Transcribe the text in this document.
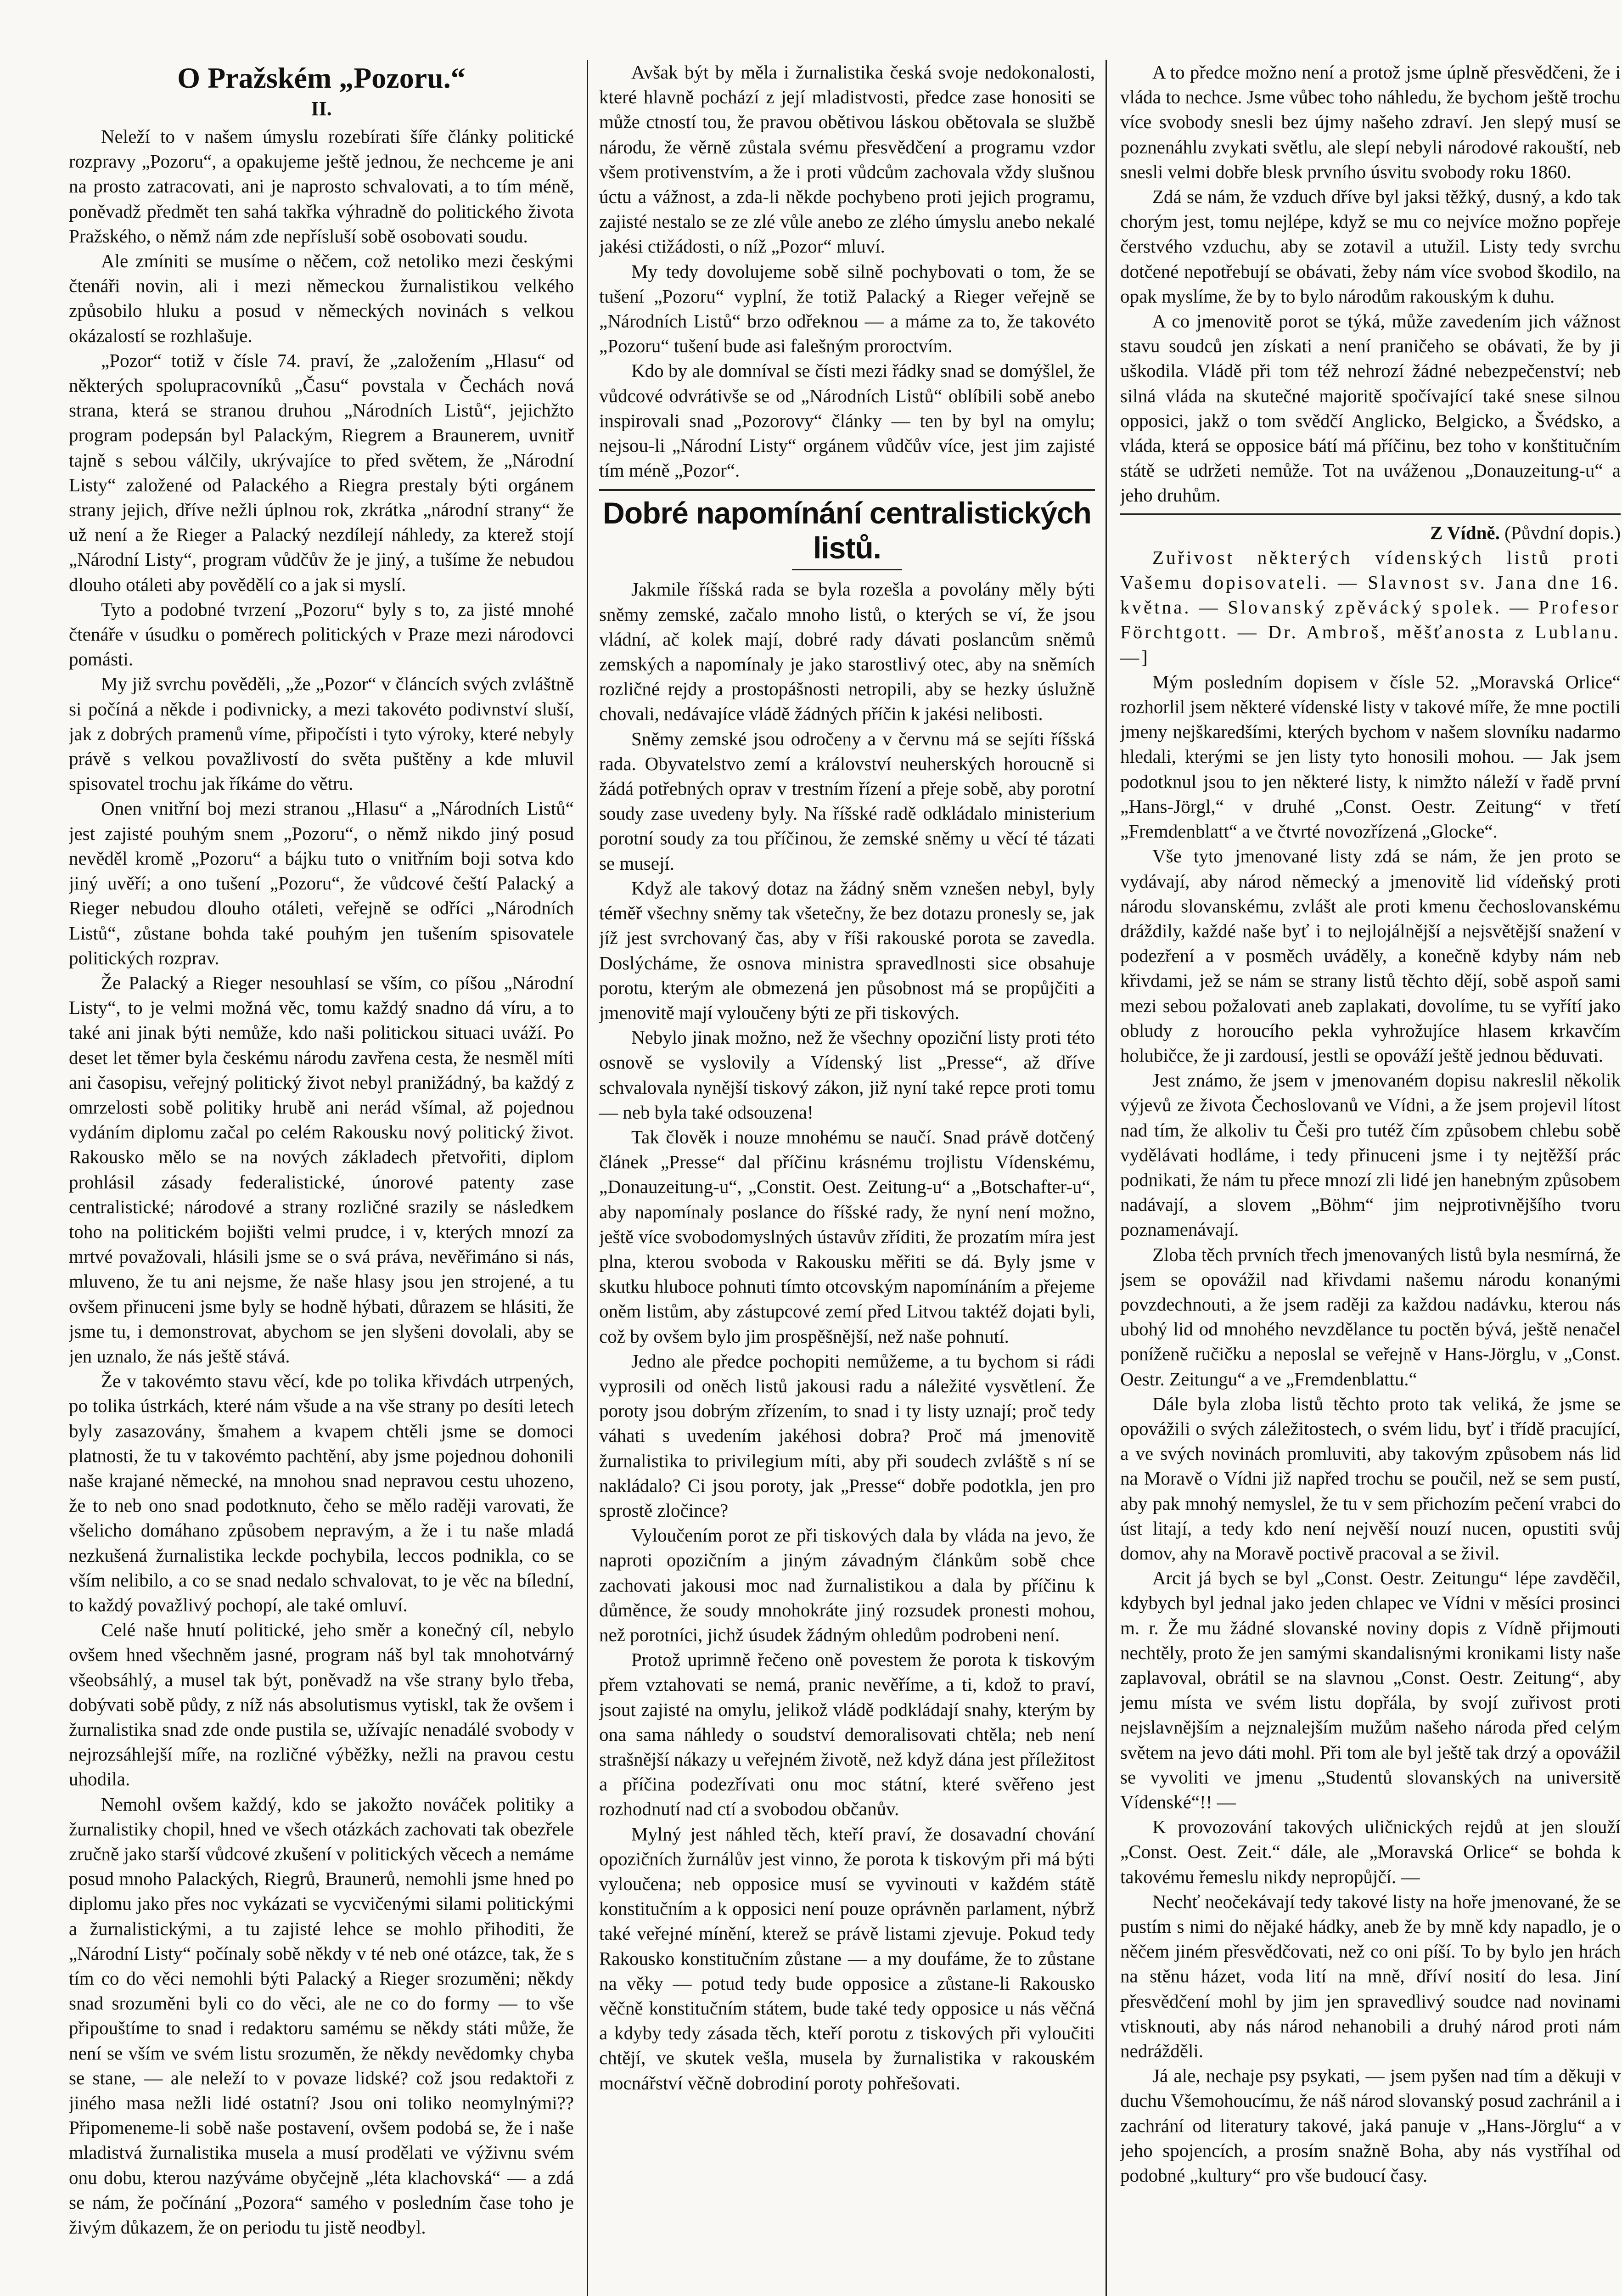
O Pražském „Pozoru.“

II.

Neleží to v našem úmyslu rozebírati šíře články politické rozpravy „Pozoru“, a opakujeme ještě jednou, že nechceme je ani na prosto zatracovati, ani je naprosto schvalovati, a to tím méně, poněvadž předmět ten sahá takřka výhradně do politického života Pražského, o němž nám zde nepřísluší sobě osobovati soudu.

Ale zmíniti se musíme o něčem, což netoliko mezi českými čtenáři novin, ali i mezi německou žurnalistikou velkého způsobilo hluku a posud v německých novinách s velkou okázalostí se rozhlašuje.

„Pozor“ totiž v čísle 74. praví, že „založením „Hlasu“ od některých spolupracovníků „Času“ povstala v Čechách nová strana, která se stranou druhou „Národních Listů“, jejichžto program podepsán byl Palackým, Riegrem a Braunerem, uvnitř tajně s sebou válčily, ukrývajíce to před světem, že „Národní Listy“ založené od Palackého a Riegra prestaly býti orgánem strany jejich, dříve nežli úplnou rok, zkrátka „národní strany“ že už není a že Rieger a Palacký nezdílejí náhledy, za kterež stojí „Národní Listy“, program vůdčův že je jiný, a tušíme že nebudou dlouho otáleti aby povědělí co a jak si myslí.

Tyto a podobné tvrzení „Pozoru“ byly s to, za jisté mnohé čtenáře v úsudku o poměrech politických v Praze mezi národovci pomásti.

My již svrchu pověděli, „že „Pozor“ v článcích svých zvláštně si počíná a někde i podivnicky, a mezi takovéto podivnství sluší, jak z dobrých pramenů víme, připočísti i tyto výroky, které nebyly právě s velkou považlivostí do světa puštěny a kde mluvil spisovatel trochu jak říkáme do větru.

Onen vnitřní boj mezi stranou „Hlasu“ a „Národních Listů“ jest zajisté pouhým snem „Pozoru“, o němž nikdo jiný posud nevěděl kromě „Pozoru“ a bájku tuto o vnitřním boji sotva kdo jiný uvěří; a ono tušení „Pozoru“, že vůdcové čeští Palacký a Rieger nebudou dlouho otáleti, veřejně se odříci „Národních Listů“, zůstane bohda také pouhým jen tušením spisovatele politických rozprav.

Že Palacký a Rieger nesouhlasí se vším, co píšou „Národní Listy“, to je velmi možná věc, tomu každý snadno dá víru, a to také ani jinak býti nemůže, kdo naši politickou situaci uváží. Po deset let těmer byla českému národu zavřena cesta, že nesměl míti ani časopisu, veřejný politický život nebyl pranižádný, ba každý z omrzelosti sobě politiky hrubě ani nerád všímal, až pojednou vydáním diplomu začal po celém Rakousku nový politický život. Rakousko mělo se na nových základech přetvořiti, diplom prohlásil zásady federalistické, únorové patenty zase centralistické; národové a strany rozličné srazily se následkem toho na politickém bojišti velmi prudce, i v, kterých mnozí za mrtvé považovali, hlásili jsme se o svá práva, nevěřimáno si nás, mluveno, že tu ani nejsme, že naše hlasy jsou jen strojené, a tu ovšem přinuceni jsme byly se hodně hýbati, důrazem se hlásiti, že jsme tu, i demonstrovat, abychom se jen slyšeni dovolali, aby se jen uznalo, že nás ještě stává.

Že v takovémto stavu věcí, kde po tolika křivdách utrpených, po tolika ústrkách, které nám všude a na vše strany po desíti letech byly zasazovány, šmahem a kvapem chtěli jsme se domoci platnosti, že tu v takovémto pachtění, aby jsme pojednou dohonili naše krajané německé, na mnohou snad nepravou cestu uhozeno, že to neb ono snad podotknuto, čeho se mělo raději varovati, že všelicho domáhano způsobem nepravým, a že i tu naše mladá nezkušená žurnalistika leckde pochybila, leccos podnikla, co se vším nelibilo, a co se snad nedalo schvalovat, to je věc na bílední, to každý považlivý pochopí, ale také omluví.

Celé naše hnutí politické, jeho směr a konečný cíl, nebylo ovšem hned všechněm jasné, program náš byl tak mnohotvárný všeobsáhlý, a musel tak být, poněvadž na vše strany bylo třeba, dobývati sobě půdy, z níž nás absolutismus vytiskl, tak že ovšem i žurnalistika snad zde onde pustila se, užívajíc nenadálé svobody v nejrozsáhlejší míře, na rozličné výběžky, nežli na pravou cestu uhodila.

Nemohl ovšem každý, kdo se jakožto nováček politiky a žurnalistiky chopil, hned ve všech otázkách zachovati tak obezřele zručně jako starší vůdcové zkušení v politických věcech a nemáme posud mnoho Palackých, Riegrů, Braunerů, nemohli jsme hned po diplomu jako přes noc vykázati se vycvičenými silami politickými a žurnalistickými, a tu zajisté lehce se mohlo přihoditi, že „Národní Listy“ počínaly sobě někdy v té neb oné otázce, tak, že s tím co do věci nemohli býti Palacký a Rieger srozuměni; někdy snad srozuměni byli co do věci, ale ne co do formy — to vše připouštíme to snad i redaktoru samému se někdy státi může, že není se vším ve svém listu srozuměn, že někdy nevědomky chyba se stane, — ale neleží to v povaze lidské? což jsou redaktoři z jiného masa nežli lidé ostatní? Jsou oni toliko neomylnými?? Připomeneme-li sobě naše postavení, ovšem podobá se, že i naše mladistvá žurnalistika musela a musí prodělati ve výživnu svém onu dobu, kterou nazýváme obyčejně „léta klachovská“ — a zdá se nám, že počínání „Pozora“ samého v posledním čase toho je živým důkazem, že on periodu tu jistě neodbyl.

Avšak být by měla i žurnalistika česká svoje nedokonalosti, které hlavně pochází z její mladistvosti, předce zase honositi se může ctností tou, že pravou obětivou láskou obětovala se službě národu, že věrně zůstala svému přesvědčení a programu vzdor všem protivenstvím, a že i proti vůdcům zachovala vždy slušnou úctu a vážnost, a zda-li někde pochybeno proti jejich programu, zajisté nestalo se ze zlé vůle anebo ze zlého úmyslu anebo nekalé jakési ctižádosti, o níž „Pozor“ mluví.

My tedy dovolujeme sobě silně pochybovati o tom, že se tušení „Pozoru“ vyplní, že totiž Palacký a Rieger veřejně se „Národních Listů“ brzo odřeknou — a máme za to, že takovéto „Pozoru“ tušení bude asi falešným proroctvím.

Kdo by ale domníval se čísti mezi řádky snad se domýšlel, že vůdcové odvrátivše se od „Národních Listů“ oblíbili sobě anebo inspirovali snad „Pozorovy“ články — ten by byl na omylu; nejsou-li „Národní Listy“ orgánem vůdčův více, jest jim zajisté tím méně „Pozor“.

Dobré napomínání centralistických listů.

Jakmile říšská rada se byla rozešla a povolány měly býti sněmy zemské, začalo mnoho listů, o kterých se ví, že jsou vládní, ač kolek mají, dobré rady dávati poslancům sněmů zemských a napomínaly je jako starostlivý otec, aby na sněmích rozličné rejdy a prostopášnosti netropili, aby se hezky úslužně chovali, nedávajíce vládě žádných příčin k jakési nelibosti.

Sněmy zemské jsou odročeny a v červnu má se sejíti říšská rada. Obyvatelstvo zemí a království neuherských horoucně si žádá potřebných oprav v trestním řízení a přeje sobě, aby porotní soudy zase uvedeny byly. Na říšské radě odkládalo ministerium porotní soudy za tou příčinou, že zemské sněmy u věcí té tázati se musejí.

Když ale takový dotaz na žádný sněm vznešen nebyl, byly téměř všechny sněmy tak všetečny, že bez dotazu pronesly se, jak jíž jest svrchovaný čas, aby v říši rakouské porota se zavedla. Doslýcháme, že osnova ministra spravedlnosti sice obsahuje porotu, kterým ale obmezená jen působnost má se propůjčiti a jmenovitě mají vyloučeny býti ze při tiskových.

Nebylo jinak možno, než že všechny opoziční listy proti této osnově se vyslovily a Vídenský list „Presse“, až dříve schvalovala nynější tiskový zákon, již nyní také repce proti tomu — neb byla také odsouzena!

Tak člověk i nouze mnohému se naučí. Snad právě dotčený článek „Presse“ dal příčinu krásnému trojlistu Vídenskému, „Donauzeitung-u“, „Constit. Oest. Zeitung-u“ a „Botschafter-u“, aby napomínaly poslance do říšské rady, že nyní není možno, ještě více svobodomyslných ústavův zříditi, že prozatím míra jest plna, kterou svoboda v Rakousku měřiti se dá. Byly jsme v skutku hluboce pohnuti tímto otcovským napomínáním a přejeme oněm listům, aby zástupcové zemí před Litvou taktéž dojati byli, což by ovšem bylo jim prospěšnější, než naše pohnutí.

Jedno ale předce pochopiti nemůžeme, a tu bychom si rádi vyprosili od oněch listů jakousi radu a náležité vysvětlení. Že poroty jsou dobrým zřízením, to snad i ty listy uznají; proč tedy váhati s uvedením jakéhosi dobra? Proč má jmenovitě žurnalistika to privilegium míti, aby při soudech zvláště s ní se nakládalo? Ci jsou poroty, jak „Presse“ dobře podotkla, jen pro sprostě zločince?

Vyloučením porot ze při tiskových dala by vláda na jevo, že naproti opozičním a jiným závadným článkům sobě chce zachovati jakousi moc nad žurnalistikou a dala by příčinu k důměnce, že soudy mnohokráte jiný rozsudek pronesti mohou, než porotníci, jichž úsudek žádným ohledům podrobeni není.

Protož uprimně řečeno oně povestem že porota k tiskovým přem vztahovati se nemá, pranic nevěříme, a ti, kdož to praví, jsout zajisté na omylu, jelikož vládě podkládají snahy, kterým by ona sama náhledy o soudství demoralisovati chtěla; neb není strašnější nákazy u veřejném životě, než když dána jest příležitost a příčina podezřívati onu moc státní, které svěřeno jest rozhodnutí nad ctí a svobodou občanův.

Mylný jest náhled těch, kteří praví, že dosavadní chování opozičních žurnálův jest vinno, že porota k tiskovým při má býti vyloučena; neb opposice musí se vyvinouti v každém státě konstitučním a k opposici není pouze oprávněn parlament, nýbrž také veřejné mínění, kterež se právě listami zjevuje. Pokud tedy Rakousko konstitučním zůstane — a my doufáme, že to zůstane na věky — potud tedy bude opposice a zůstane-li Rakousko věčně konstitučním státem, bude také tedy opposice u nás věčná a kdyby tedy zásada těch, kteří porotu z tiskových při vyloučiti chtějí, ve skutek vešla, musela by žurnalistika v rakouském mocnářství věčně dobrodiní poroty pohřešovati.

A to předce možno není a protož jsme úplně přesvědčeni, že i vláda to nechce. Jsme vůbec toho náhledu, že bychom ještě trochu více svobody snesli bez újmy našeho zdraví. Jen slepý musí se poznenáhlu zvykati světlu, ale slepí nebyli národové rakouští, neb snesli velmi dobře blesk prvního úsvitu svobody roku 1860.

Zdá se nám, že vzduch dříve byl jaksi těžký, dusný, a kdo tak chorým jest, tomu nejlépe, když se mu co nejvíce možno popřeje čerstvého vzduchu, aby se zotavil a utužil. Listy tedy svrchu dotčené nepotřebují se obávati, žeby nám více svobod škodilo, na opak myslíme, že by to bylo národům rakouským k duhu.

A co jmenovitě porot se týká, může zavedením jich vážnost stavu soudců jen získati a není praničeho se obávati, že by ji uškodila. Vládě při tom též nehrozí žádné nebezpečenství; neb silná vláda na skutečné majoritě spočívající také snese silnou opposici, jakž o tom svědčí Anglicko, Belgicko, a Švédsko, a vláda, která se opposice bátí má příčinu, bez toho v konštitučním státě se udržeti nemůže. Tot na uváženou „Donauzeitung-u“ a jeho druhům.

Z Vídně. (Půvdní dopis.)

Zuřivost některých vídenských listů proti Vašemu dopisovateli. — Slavnost sv. Jana dne 16. května. — Slovanský zpěvácký spolek. — Profesor Förchtgott. — Dr. Ambroš, měšťanosta z Lublanu. —]

Mým posledním dopisem v čísle 52. „Moravská Orlice“ rozhorlil jsem některé vídenské listy v takové míře, že mne poctili jmeny nejškaredšími, kterých bychom v našem slovníku nadarmo hledali, kterými se jen listy tyto honosili mohou. — Jak jsem podotknul jsou to jen některé listy, k nimžto náleží v řadě první „Hans-Jörgl,“ v druhé „Const. Oestr. Zeitung“ v třetí „Fremdenblatt“ a ve čtvrté novozřízená „Glocke“.

Vše tyto jmenované listy zdá se nám, že jen proto se vydávají, aby národ německý a jmenovitě lid vídeňský proti národu slovanskému, zvlášt ale proti kmenu čechoslovanskému dráždily, každé naše byť i to nejlojálnější a nejsvětější snažení v podezření a v posměch uváděly, a konečně kdyby nám neb křivdami, jež se nám se strany listů těchto dějí, sobě aspoň sami mezi sebou požalovati aneb zaplakati, dovolíme, tu se vyřítí jako obludy z horoucího pekla vyhrožujíce hlasem krkavčím holubičce, že ji zardousí, jestli se opováží ještě jednou běduvati.

Jest známo, že jsem v jmenovaném dopisu nakreslil několik výjevů ze života Čechoslovanů ve Vídni, a že jsem projevil lítost nad tím, že alkoliv tu Češi pro tutéž čím způsobem chlebu sobě vydělávati hodláme, i tedy přinuceni jsme i ty nejtěžší prác podnikati, že nám tu přece mnozí zli lidé jen hanebným způsobem nadávají, a slovem „Böhm“ jim nejprotivnějšího tvoru poznamenávají.

Zloba těch prvních třech jmenovaných listů byla nesmírná, že jsem se opovážil nad křivdami našemu národu konanými povzdechnouti, a že jsem raději za každou nadávku, kterou nás ubohý lid od mnohého nevzdělance tu poctěn bývá, ještě nenačel poníženě ručičku a neposlal se veřejně v Hans-Jörglu, v „Const. Oestr. Zeitungu“ a ve „Fremdenblattu.“

Dále byla zloba listů těchto proto tak veliká, že jsme se opovážili o svých záležitostech, o svém lidu, byť i třídě pracující, a ve svých novinách promluviti, aby takovým způsobem nás lid na Moravě o Vídni již napřed trochu se poučil, než se sem pustí, aby pak mnohý nemyslel, že tu v sem přichozím pečení vrabci do úst litají, a tedy kdo není nejvěší nouzí nucen, opustiti svůj domov, ahy na Moravě poctivě pracoval a se živil.

Arcit já bych se byl „Const. Oestr. Zeitungu“ lépe zavděčil, kdybych byl jednal jako jeden chlapec ve Vídni v měsíci prosinci m. r. Že mu žádné slovanské noviny dopis z Vídně přijmouti nechtěly, proto že jen samými skandalisnými kronikami listy naše zaplavoval, obrátil se na slavnou „Const. Oestr. Zeitung“, aby jemu místa ve svém listu dopřála, by svojí zuřivost proti nejslavnějším a nejznalejším mužům našeho národa před celým světem na jevo dáti mohl. Při tom ale byl ještě tak drzý a opovážil se vyvoliti ve jmenu „Studentů slovanských na universitě Vídenské“!! —

K provozování takových uličnických rejdů at jen slouží „Const. Oest. Zeit.“ dále, ale „Moravská Orlice“ se bohda k takovému řemeslu nikdy nepropůjčí. —

Nechť neočekávají tedy takové listy na hoře jmenované, že se pustím s nimi do nějaké hádky, aneb že by mně kdy napadlo, je o něčem jiném přesvědčovati, než co oni píší. To by bylo jen hrách na stěnu házet, voda lití na mně, dříví nosití do lesa. Jiní přesvědčení mohl by jim jen spravedlivý soudce nad novinami vtisknouti, aby nás národ nehanobili a druhý národ proti nám nedrážděli.

Já ale, nechaje psy psykati, — jsem pyšen nad tím a děkuji v duchu Všemohoucímu, že náš národ slovanský posud zachránil a i zachrání od literatury takové, jaká panuje v „Hans-Jörglu“ a v jeho spojencích, a prosím snažně Boha, aby nás vystříhal od podobné „kultury“ pro vše budoucí časy.
